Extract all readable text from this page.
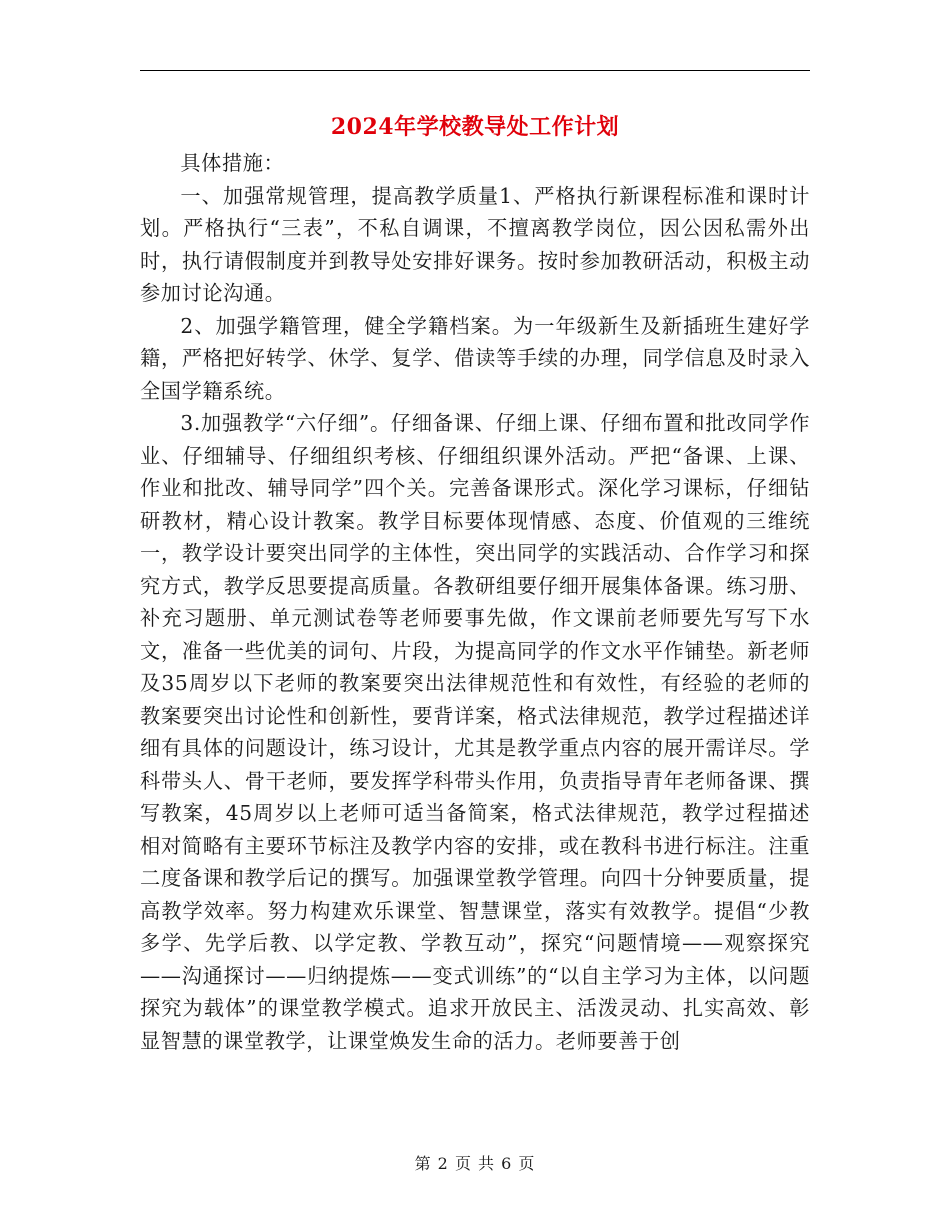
2024年学校教导处工作计划

具体措施：

一、加强常规管理，提高教学质量1、严格执行新课程标准和课时计划。严格执行“三表”，不私自调课，不擅离教学岗位，因公因私需外出时，执行请假制度并到教导处安排好课务。按时参加教研活动，积极主动参加讨论沟通。

2、加强学籍管理，健全学籍档案。为一年级新生及新插班生建好学籍，严格把好转学、休学、复学、借读等手续的办理，同学信息及时录入全国学籍系统。

3.加强教学“六仔细”。仔细备课、仔细上课、仔细布置和批改同学作业、仔细辅导、仔细组织考核、仔细组织课外活动。严把“备课、上课、作业和批改、辅导同学”四个关。完善备课形式。深化学习课标，仔细钻研教材，精心设计教案。教学目标要体现情感、态度、价值观的三维统一，教学设计要突出同学的主体性，突出同学的实践活动、合作学习和探究方式，教学反思要提高质量。各教研组要仔细开展集体备课。练习册、补充习题册、单元测试卷等老师要事先做，作文课前老师要先写写下水文，准备一些优美的词句、片段，为提高同学的作文水平作铺垫。新老师及35周岁以下老师的教案要突出法律规范性和有效性，有经验的老师的教案要突出讨论性和创新性，要背详案，格式法律规范，教学过程描述详细有具体的问题设计，练习设计，尤其是教学重点内容的展开需详尽。学科带头人、骨干老师，要发挥学科带头作用，负责指导青年老师备课、撰写教案，45周岁以上老师可适当备简案，格式法律规范，教学过程描述相对简略有主要环节标注及教学内容的安排，或在教科书进行标注。注重二度备课和教学后记的撰写。加强课堂教学管理。向四十分钟要质量，提高教学效率。努力构建欢乐课堂、智慧课堂，落实有效教学。提倡“少教多学、先学后教、以学定教、学教互动”，探究“问题情境——观察探究——沟通探讨——归纳提炼——变式训练”的“以自主学习为主体，以问题探究为载体”的课堂教学模式。追求开放民主、活泼灵动、扎实高效、彰显智慧的课堂教学，让课堂焕发生命的活力。老师要善于创

第 2 页 共 6 页
